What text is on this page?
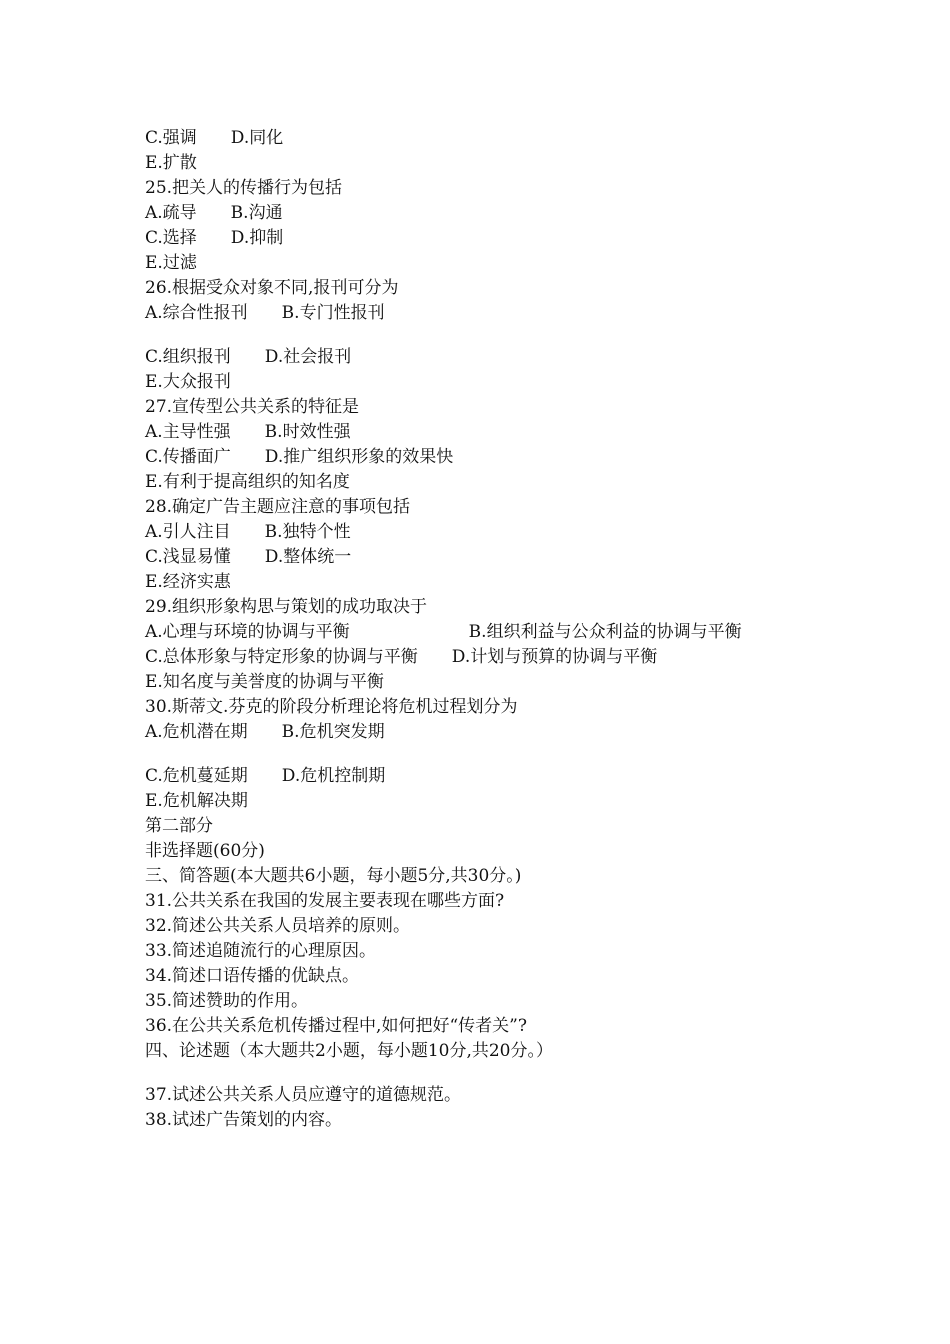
C.强调　　D.同化
E.扩散
25.把关人的传播行为包括
A.疏导　　B.沟通
C.选择　　D.抑制
E.过滤
26.根据受众对象不同,报刊可分为
A.综合性报刊　　B.专门性报刊
C.组织报刊　　D.社会报刊
E.大众报刊
27.宣传型公共关系的特征是
A.主导性强　　B.时效性强
C.传播面广　　D.推广组织形象的效果快
E.有利于提高组织的知名度
28.确定广告主题应注意的事项包括
A.引人注目　　B.独特个性
C.浅显易懂　　D.整体统一
E.经济实惠
29.组织形象构思与策划的成功取决于
A.心理与环境的协调与平衡　　　　　　　B.组织利益与公众利益的协调与平衡
C.总体形象与特定形象的协调与平衡　　D.计划与预算的协调与平衡
E.知名度与美誉度的协调与平衡
30.斯蒂文.芬克的阶段分析理论将危机过程划分为
A.危机潜在期　　B.危机突发期
C.危机蔓延期　　D.危机控制期
E.危机解决期
第二部分
非选择题(60分)
三、简答题(本大题共6小题，每小题5分,共30分。)
31.公共关系在我国的发展主要表现在哪些方面?
32.简述公共关系人员培养的原则。
33.简述追随流行的心理原因。
34.简述口语传播的优缺点。
35.简述赞助的作用。
36.在公共关系危机传播过程中,如何把好“传者关”?
四、论述题（本大题共2小题，每小题10分,共20分。）
37.试述公共关系人员应遵守的道德规范。
38.试述广告策划的内容。
